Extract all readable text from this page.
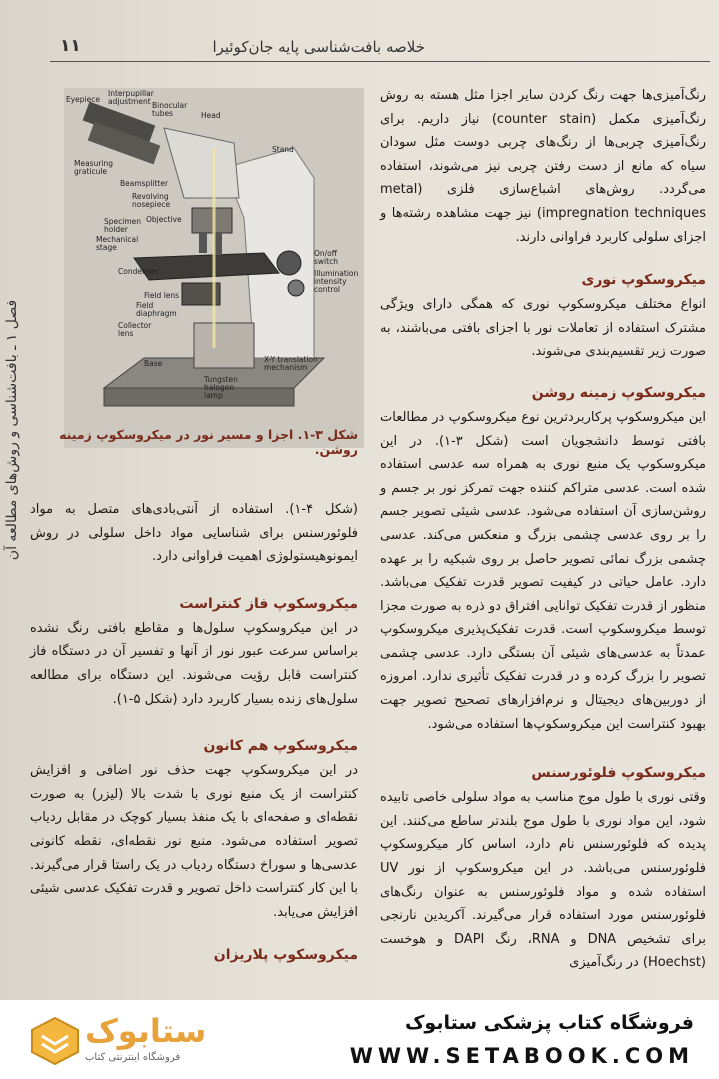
خلاصه بافت‌شناسی پایه جان‌کوئیرا
۱۱
فصل ۱ ـ بافت‌شناسی و روش‌های مطالعه آن
Eyepiece
Interpupillar adjustment Binocular tubes	Head
Measuring graticule
Stand
Beamsplitter
Revolving nosepiece
Objective
Specimen holder
Mechanical stage
On/off switch
Illumination intensity control
Condenser
Field lens
Field diaphragm
Collector lens
Base	X-Y translation mechanism
Tungsten halogen lamp
شکل ۳-۱. اجزا و مسیر نور در میکروسکوپ زمینه روشن.

رنگ‌آمیزی‌ها جهت رنگ کردن سایر اجزا مثل هسته به روش رنگ‌آمیزی مکمل (counter stain) نیاز داریم. برای رنگ‌آمیزی چربی‌ها از رنگ‌های چربی دوست مثل سودان سیاه که مانع از دست رفتن چربی نیز می‌شوند، استفاده می‌گردد. روش‌های اشباع‌سازی فلزی (metal impregnation techniques) نیز جهت مشاهده رشته‌ها و اجزای سلولی کاربرد فراوانی دارند.

میکروسکوپ نوری

انواع مختلف میکروسکوپ نوری که همگی دارای ویژگی مشترک استفاده از تعاملات نور با اجزای بافتی می‌باشند، به صورت زیر تقسیم‌بندی می‌شوند.

میکروسکوپ زمینه روشن

این میکروسکوپ پرکاربردترین نوع میکروسکوپ در مطالعات بافتی توسط دانشجویان است (شکل ۳-۱). در این میکروسکوپ یک منبع نوری به همراه سه عدسی استفاده شده است. عدسی متراکم کننده جهت تمرکز نور بر جسم و روشن‌سازی آن استفاده می‌شود. عدسی شیئی تصویر جسم را بر روی عدسی چشمی بزرگ و منعکس می‌کند. عدسی چشمی بزرگ نمائی تصویر حاصل بر روی شبکیه را بر عهده دارد. عامل حیاتی در کیفیت تصویر قدرت تفکیک می‌باشد. منظور از قدرت تفکیک توانایی افتراق دو ذره به صورت مجزا توسط میکروسکوپ است. قدرت تفکیک‌پذیری میکروسکوپ عمدتاً به عدسی‌های شیئی آن بستگی دارد. عدسی چشمی تصویر را بزرگ کرده و در قدرت تفکیک تأثیری ندارد. امروزه از دوربین‌های دیجیتال و نرم‌افزارهای تصحیح تصویر جهت بهبود کنتراست این میکروسکوپ‌ها استفاده می‌شود.

میکروسکوپ فلوئورسنس

وقتی نوری با طول موج مناسب به مواد سلولی خاصی تابیده شود، این مواد نوری با طول موج بلندتر ساطع می‌کنند. این پدیده که فلوئورسنس نام دارد، اساس کار میکروسکوپ فلوئورسنس می‌باشد. در این میکروسکوپ از نور UV استفاده شده و مواد فلوئورسنس به عنوان رنگ‌های فلوئورسنس مورد استفاده قرار می‌گیرند. آکریدین نارنجی برای تشخیص DNA و RNA، رنگ DAPI و هوخست (Hoechst) در رنگ‌آمیزی

(شکل ۴-۱). استفاده از آنتی‌بادی‌های متصل به مواد فلوئورسنس برای شناسایی مواد داخل سلولی در روش ایمونوهیستولوژی اهمیت فراوانی دارد.

میکروسکوپ فاز کنتراست

در این میکروسکوپ سلول‌ها و مقاطع بافتی رنگ نشده براساس سرعت عبور نور از آنها و تفسیر آن در دستگاه فاز کنتراست قابل رؤیت می‌شوند. این دستگاه برای مطالعه سلول‌های زنده بسیار کاربرد دارد (شکل ۵-۱).

میکروسکوپ هم کانون

در این میکروسکوپ جهت حذف نور اضافی و افزایش کنتراست از یک منبع نوری با شدت بالا (لیزر) به صورت نقطه‌ای و صفحه‌ای با یک منفذ بسیار کوچک در مقابل ردیاب تصویر استفاده می‌شود. منبع نور نقطه‌ای، نقطه کانونی عدسی‌ها و سوراخ دستگاه ردیاب در یک راستا قرار می‌گیرند. با این کار کنتراست داخل تصویر و قدرت تفکیک عدسی شیئی افزایش می‌یابد.

میکروسکوپ پلاریزان
ستابوک
فروشگاه اینترنتی کتاب
فروشگاه کتاب پزشکی ستابوک
WWW.SETABOOK.COM
